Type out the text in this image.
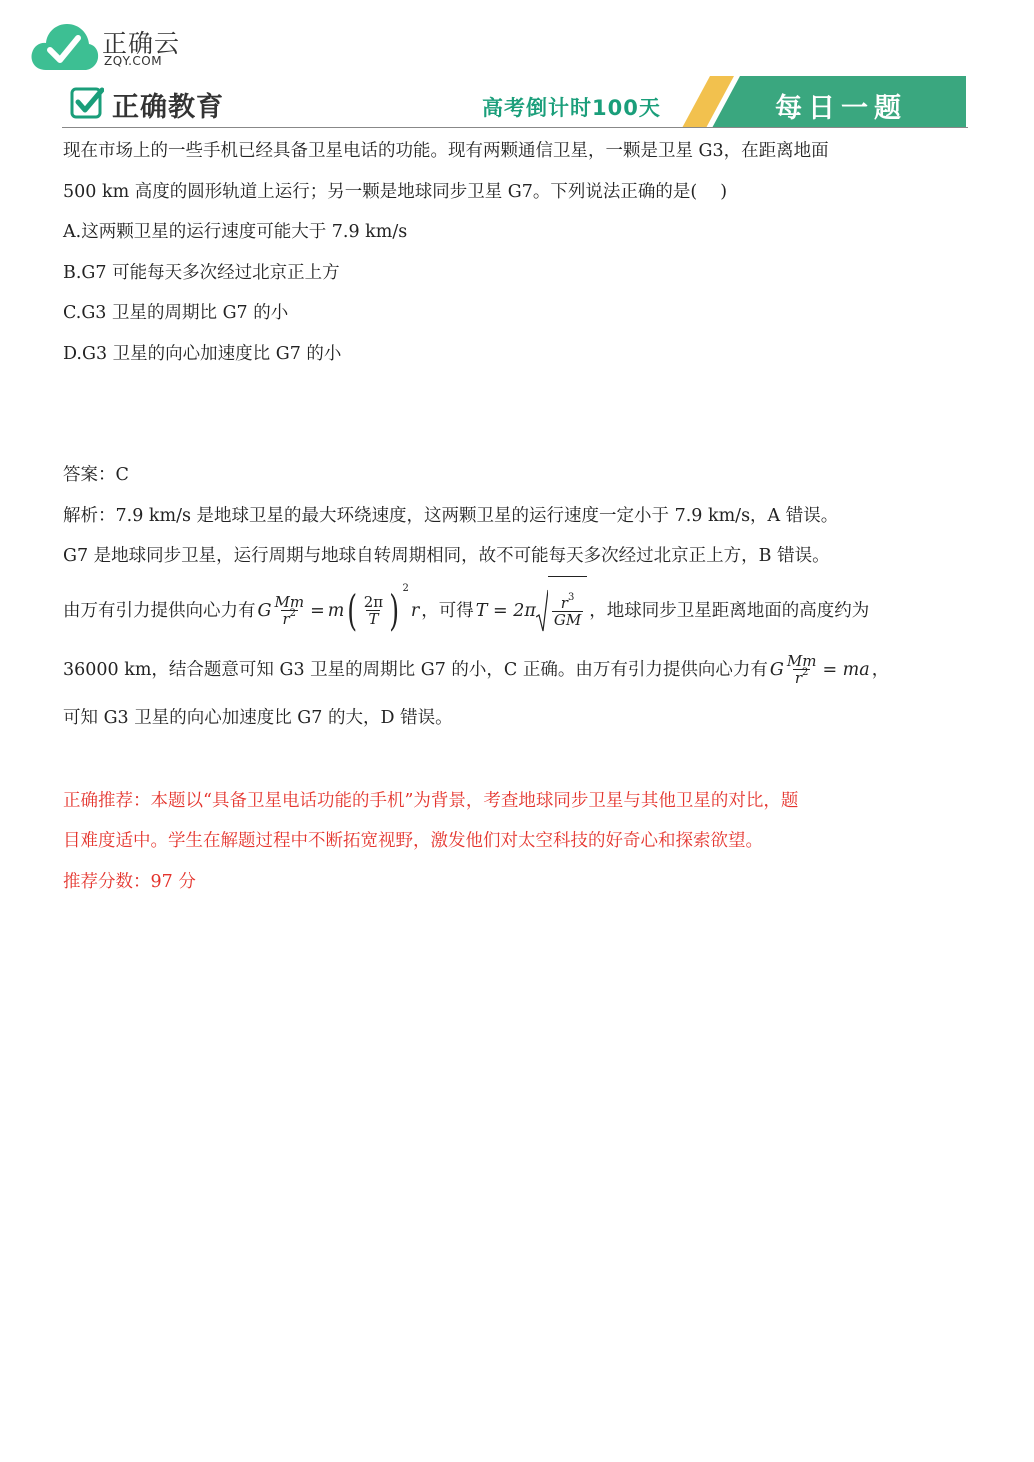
正确云
ZQY.COM
正确教育	高考倒计时100天	每日一题

现在市场上的一些手机已经具备卫星电话的功能。现有两颗通信卫星，一颗是卫星 G3，在距离地面

500 km 高度的圆形轨道上运行；另一颗是地球同步卫星 G7。下列说法正确的是(　 )

A.这两颗卫星的运行速度可能大于 7.9 km/s

B.G7 可能每天多次经过北京正上方

C.G3 卫星的周期比 G7 的小

D.G3 卫星的向心加速度比 G7 的小

答案：C

解析：7.9 km/s 是地球卫星的最大环绕速度，这两颗卫星的运行速度一定小于 7.9 km/s，A 错误。

G7 是地球同步卫星，运行周期与地球自转周期相同，故不可能每天多次经过北京正上方，B 错误。

由万有引力提供向心力有 G $\frac{Mm}{r^2} = m$ ( $\frac{2\pi}{T}$ ) 2
r ，可得 $T = 2\pi \frac{r^3}{GM}$ ，地球同步卫星距离地面的高度约为
36000 km，结合题意可知 G3 卫星的周期比 G7 的小，C 正确。由万有引力提供向心力有 G $\frac{Mm}{r^2}$ = ma ，

可知 G3 卫星的向心加速度比 G7 的大，D 错误。

正确推荐：本题以“具备卫星电话功能的手机”为背景，考查地球同步卫星与其他卫星的对比，题

目难度适中。学生在解题过程中不断拓宽视野，激发他们对太空科技的好奇心和探索欲望。

推荐分数：97 分
